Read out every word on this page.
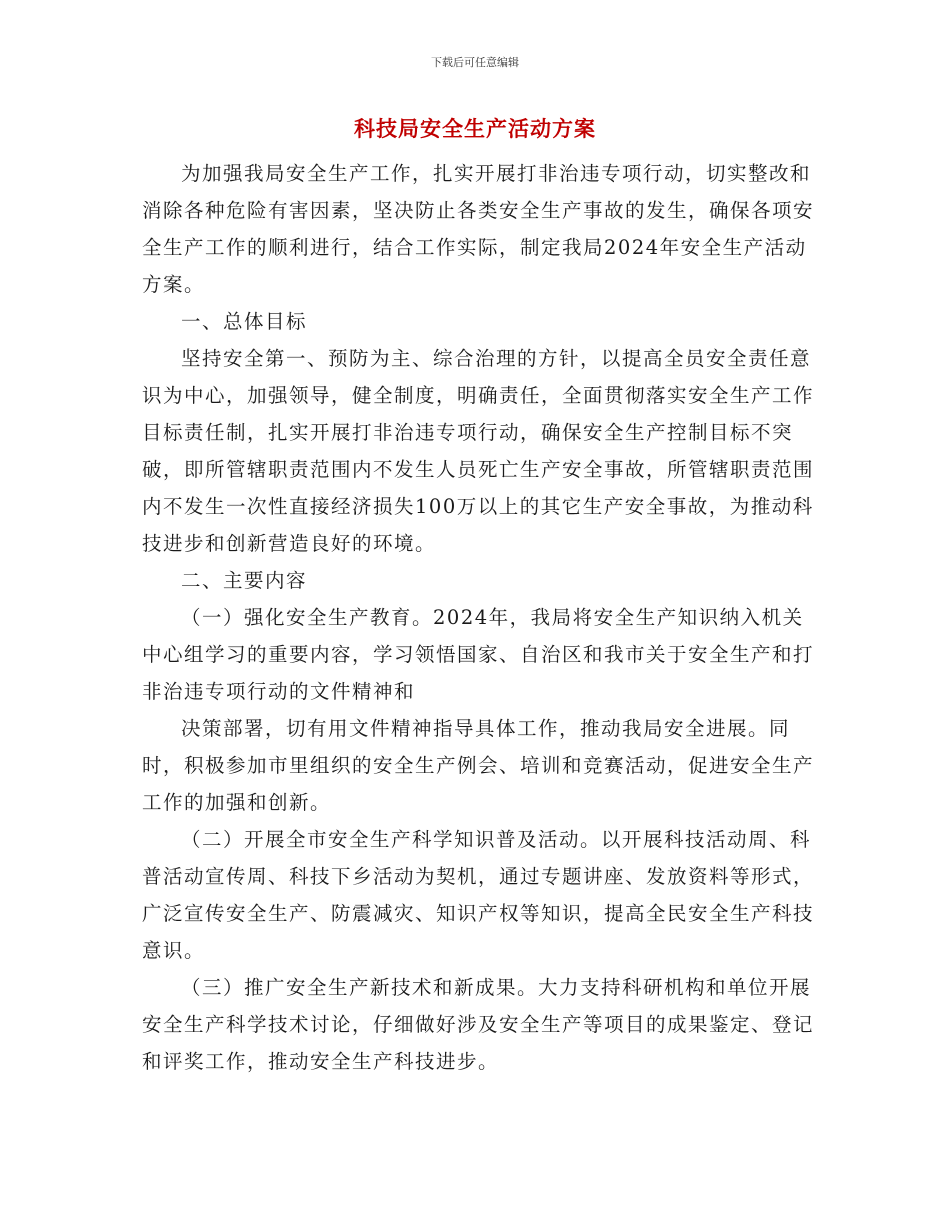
下载后可任意编辑
科技局安全生产活动方案

为加强我局安全生产工作，扎实开展打非治违专项行动，切实整改和消除各种危险有害因素，坚决防止各类安全生产事故的发生，确保各项安全生产工作的顺利进行，结合工作实际，制定我局2024年安全生产活动方案。

一、总体目标

坚持安全第一、预防为主、综合治理的方针，以提高全员安全责任意识为中心，加强领导，健全制度，明确责任，全面贯彻落实安全生产工作目标责任制，扎实开展打非治违专项行动，确保安全生产控制目标不突破，即所管辖职责范围内不发生人员死亡生产安全事故，所管辖职责范围内不发生一次性直接经济损失100万以上的其它生产安全事故，为推动科技进步和创新营造良好的环境。

二、主要内容

（一）强化安全生产教育。2024年，我局将安全生产知识纳入机关中心组学习的重要内容，学习领悟国家、自治区和我市关于安全生产和打非治违专项行动的文件精神和

决策部署，切有用文件精神指导具体工作，推动我局安全进展。同时，积极参加市里组织的安全生产例会、培训和竞赛活动，促进安全生产工作的加强和创新。

（二）开展全市安全生产科学知识普及活动。以开展科技活动周、科普活动宣传周、科技下乡活动为契机，通过专题讲座、发放资料等形式，广泛宣传安全生产、防震减灾、知识产权等知识，提高全民安全生产科技意识。

（三）推广安全生产新技术和新成果。大力支持科研机构和单位开展安全生产科学技术讨论，仔细做好涉及安全生产等项目的成果鉴定、登记和评奖工作，推动安全生产科技进步。
